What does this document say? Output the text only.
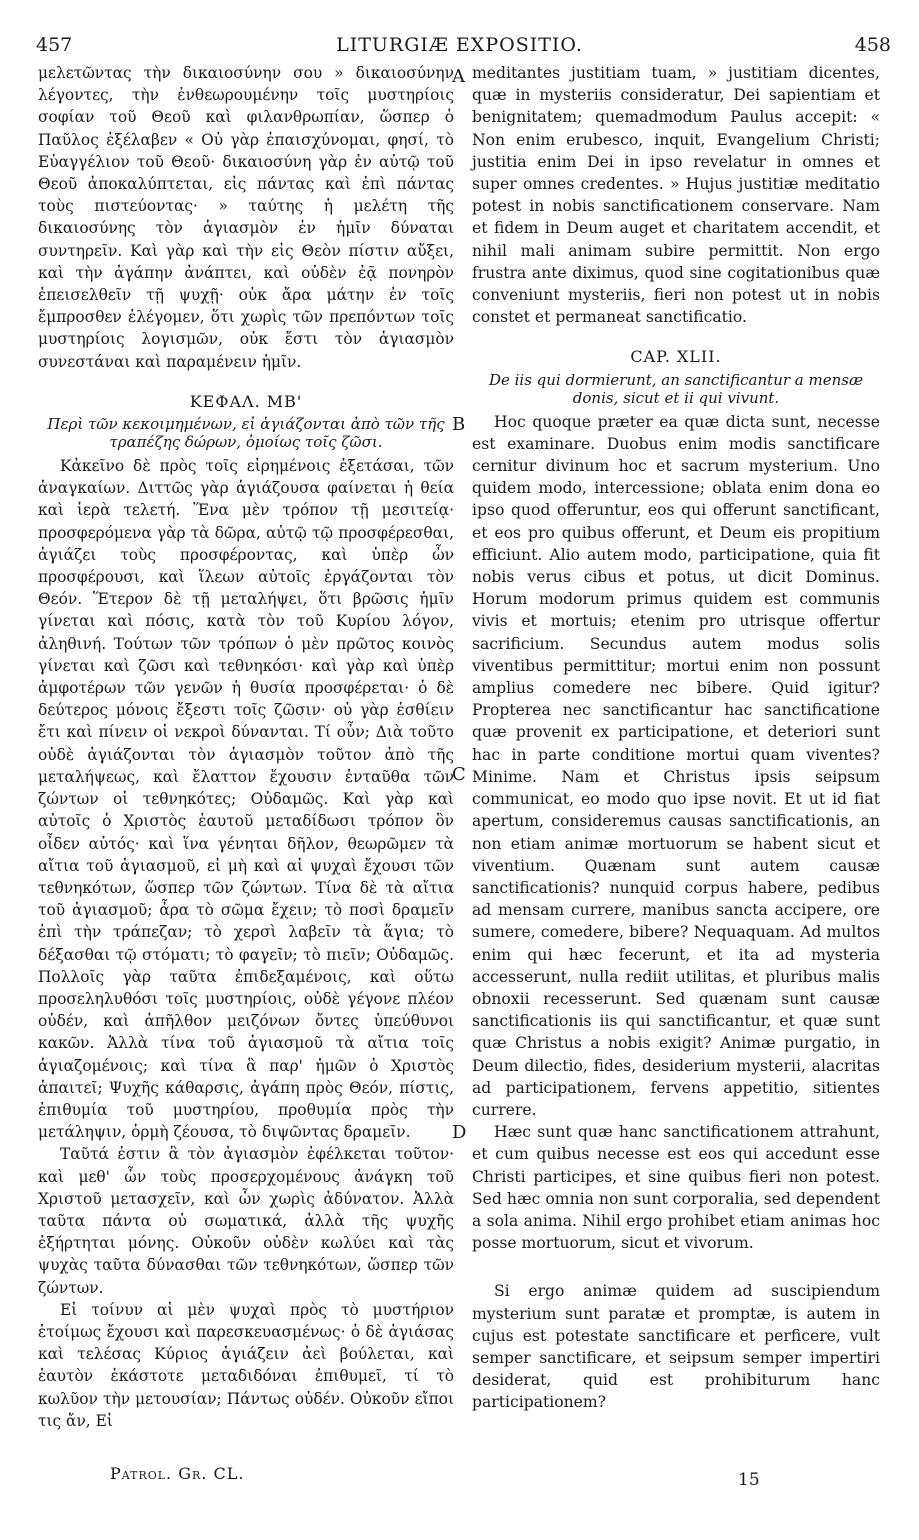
457	LITURGIÆ EXPOSITIO.	458

μελετῶντας τὴν δικαιοσύνην σου » δικαιοσύνην λέγοντες, τὴν ἐνθεωρουμένην τοῖς μυστηρίοις σοφίαν τοῦ Θεοῦ καὶ φιλανθρωπίαν, ὥσπερ ὁ Παῦλος ἐξέλαβεν « Οὐ γὰρ ἐπαισχύνομαι, φησί, τὸ Εὐαγγέλιον τοῦ Θεοῦ· δικαιοσύνη γὰρ ἐν αὐτῷ τοῦ Θεοῦ ἀποκαλύπτεται, εἰς πάντας καὶ ἐπὶ πάντας τοὺς πιστεύοντας· » ταύτης ἡ μελέτη τῆς δικαιοσύνης τὸν ἁγιασμὸν ἐν ἡμῖν δύναται συντηρεῖν. Καὶ γὰρ καὶ τὴν εἰς Θεὸν πίστιν αὔξει, καὶ τὴν ἀγάπην ἀνάπτει, καὶ οὐδὲν ἐᾷ πονηρὸν ἐπεισελθεῖν τῇ ψυχῇ· οὐκ ἄρα μάτην ἐν τοῖς ἔμπροσθεν ἐλέγομεν, ὅτι χωρὶς τῶν πρεπόντων τοῖς μυστηρίοις λογισμῶν, οὐκ ἔστι τὸν ἁγιασμὸν συνεστάναι καὶ παραμένειν ἡμῖν.

ΚΕΦΑΛ. ΜΒ'
Περὶ τῶν κεκοιμημένων, εἰ ἁγιάζονται ἀπὸ τῶν τῆς τραπέζης δώρων, ὁμοίως τοῖς ζῶσι.

Κἀκεῖνο δὲ πρὸς τοῖς εἰρημένοις ἐξετάσαι, τῶν ἀναγκαίων. Διττῶς γὰρ ἁγιάζουσα φαίνεται ἡ θεία καὶ ἱερὰ τελετή. Ἕνα μὲν τρόπον τῇ μεσιτείᾳ· προσφερόμενα γὰρ τὰ δῶρα, αὐτῷ τῷ προσφέρεσθαι, ἁγιάζει τοὺς προσφέροντας, καὶ ὑπὲρ ὧν προσφέρουσι, καὶ ἵλεων αὐτοῖς ἐργάζονται τὸν Θεόν. Ἕτερον δὲ τῇ μεταλήψει, ὅτι βρῶσις ἡμῖν γίνεται καὶ πόσις, κατὰ τὸν τοῦ Κυρίου λόγον, ἀληθινή. Τούτων τῶν τρόπων ὁ μὲν πρῶτος κοινὸς γίνεται καὶ ζῶσι καὶ τεθνηκόσι· καὶ γὰρ καὶ ὑπὲρ ἀμφοτέρων τῶν γενῶν ἡ θυσία προσφέρεται· ὁ δὲ δεύτερος μόνοις ἔξεστι τοῖς ζῶσιν· οὐ γὰρ ἐσθίειν ἔτι καὶ πίνειν οἱ νεκροὶ δύνανται. Τί οὖν; Διὰ τοῦτο οὐδὲ ἁγιάζονται τὸν ἁγιασμὸν τοῦτον ἀπὸ τῆς μεταλήψεως, καὶ ἔλαττον ἔχουσιν ἐνταῦθα τῶν ζώντων οἱ τεθνηκότες; Οὐδαμῶς. Καὶ γὰρ καὶ αὐτοῖς ὁ Χριστὸς ἑαυτοῦ μεταδίδωσι τρόπον ὃν οἶδεν αὐτός· καὶ ἵνα γένηται δῆλον, θεωρῶμεν τὰ αἴτια τοῦ ἁγιασμοῦ, εἰ μὴ καὶ αἱ ψυχαὶ ἔχουσι τῶν τεθνηκότων, ὥσπερ τῶν ζώντων. Τίνα δὲ τὰ αἴτια τοῦ ἁγιασμοῦ; ἆρα τὸ σῶμα ἔχειν; τὸ ποσὶ δραμεῖν ἐπὶ τὴν τράπεζαν; τὸ χερσὶ λαβεῖν τὰ ἅγια; τὸ δέξασθαι τῷ στόματι; τὸ φαγεῖν; τὸ πιεῖν; Οὐδαμῶς. Πολλοῖς γὰρ ταῦτα ἐπιδεξαμένοις, καὶ οὕτω προσεληλυθόσι τοῖς μυστηρίοις, οὐδὲ γέγονε πλέον οὐδέν, καὶ ἀπῆλθον μειζόνων ὄντες ὑπεύθυνοι κακῶν. Ἀλλὰ τίνα τοῦ ἁγιασμοῦ τὰ αἴτια τοῖς ἁγιαζομένοις; καὶ τίνα ἃ παρ' ἡμῶν ὁ Χριστὸς ἀπαιτεῖ; Ψυχῆς κάθαρσις, ἀγάπη πρὸς Θεόν, πίστις, ἐπιθυμία τοῦ μυστηρίου, προθυμία πρὸς τὴν μετάληψιν, ὁρμὴ ζέουσα, τὸ διψῶντας δραμεῖν.

Ταῦτά ἐστιν ἃ τὸν ἁγιασμὸν ἐφέλκεται τοῦτον· καὶ μεθ' ὧν τοὺς προσερχομένους ἀνάγκη τοῦ Χριστοῦ μετασχεῖν, καὶ ὧν χωρὶς ἀδύνατον. Ἀλλὰ ταῦτα πάντα οὐ σωματικά, ἀλλὰ τῆς ψυχῆς ἐξήρτηται μόνης. Οὐκοῦν οὐδὲν κωλύει καὶ τὰς ψυχὰς ταῦτα δύνασθαι τῶν τεθνηκότων, ὥσπερ τῶν ζώντων.

Εἰ τοίνυν αἱ μὲν ψυχαὶ πρὸς τὸ μυστήριον ἑτοίμως ἔχουσι καὶ παρεσκευασμένως· ὁ δὲ ἁγιάσας καὶ τελέσας Κύριος ἁγιάζειν ἀεὶ βούλεται, καὶ ἑαυτὸν ἑκάστοτε μεταδιδόναι ἐπιθυμεῖ, τί τὸ κωλῦον τὴν μετουσίαν; Πάντως οὐδέν. Οὐκοῦν εἴποι τις ἄν, Εἰ

meditantes justitiam tuam, » justitiam dicentes, quæ in mysteriis consideratur, Dei sapientiam et benignitatem; quemadmodum Paulus accepit: « Non enim erubesco, inquit, Evangelium Christi; justitia enim Dei in ipso revelatur in omnes et super omnes credentes. » Hujus justitiæ meditatio potest in nobis sanctificationem conservare. Nam et fidem in Deum auget et charitatem accendit, et nihil mali animam subire permittit. Non ergo frustra ante diximus, quod sine cogitationibus quæ conveniunt mysteriis, fieri non potest ut in nobis constet et permaneat sanctificatio.

CAP. XLII.
De iis qui dormierunt, an sanctificantur a mensæ donis, sicut et ii qui vivunt.

Hoc quoque præter ea quæ dicta sunt, necesse est examinare. Duobus enim modis sanctificare cernitur divinum hoc et sacrum mysterium. Uno quidem modo, intercessione; oblata enim dona eo ipso quod offeruntur, eos qui offerunt sanctificant, et eos pro quibus offerunt, et Deum eis propitium efficiunt. Alio autem modo, participatione, quia fit nobis verus cibus et potus, ut dicit Dominus. Horum modorum primus quidem est communis vivis et mortuis; etenim pro utrisque offertur sacrificium. Secundus autem modus solis viventibus permittitur; mortui enim non possunt amplius comedere nec bibere. Quid igitur? Propterea nec sanctificantur hac sanctificatione quæ provenit ex participatione, et deteriori sunt hac in parte conditione mortui quam viventes? Minime. Nam et Christus ipsis seipsum communicat, eo modo quo ipse novit. Et ut id fiat apertum, consideremus causas sanctificationis, an non etiam animæ mortuorum se habent sicut et viventium. Quænam sunt autem causæ sanctificationis? nunquid corpus habere, pedibus ad mensam currere, manibus sancta accipere, ore sumere, comedere, bibere? Nequaquam. Ad multos enim qui hæc fecerunt, et ita ad mysteria accesserunt, nulla rediit utilitas, et pluribus malis obnoxii recesserunt. Sed quænam sunt causæ sanctificationis iis qui sanctificantur, et quæ sunt quæ Christus a nobis exigit? Animæ purgatio, in Deum dilectio, fides, desiderium mysterii, alacritas ad participationem, fervens appetitio, sitientes currere.

Hæc sunt quæ hanc sanctificationem attrahunt, et cum quibus necesse est eos qui accedunt esse Christi participes, et sine quibus fieri non potest. Sed hæc omnia non sunt corporalia, sed dependent a sola anima. Nihil ergo prohibet etiam animas hoc posse mortuorum, sicut et vivorum.

Si ergo animæ quidem ad suscipiendum mysterium sunt paratæ et promptæ, is autem in cujus est potestate sanctificare et perficere, vult semper sanctificare, et seipsum semper impertiri desiderat, quid est prohibiturum hanc participationem?

A
B
C
D
Patrol. Gr. CL.	15
